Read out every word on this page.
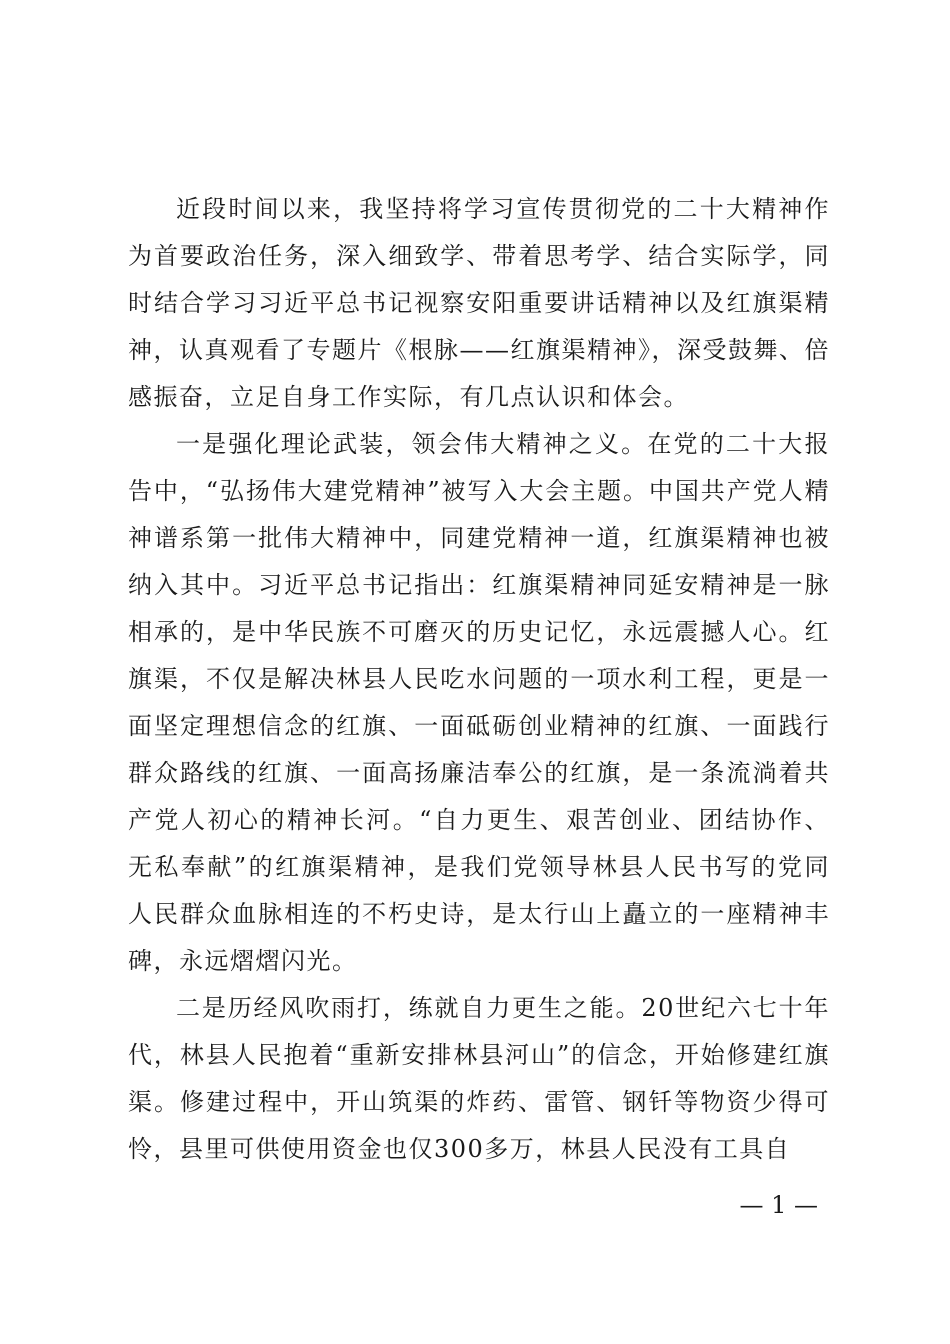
近段时间以来，我坚持将学习宣传贯彻党的二十大精神作为首要政治任务，深入细致学、带着思考学、结合实际学，同时结合学习习近平总书记视察安阳重要讲话精神以及红旗渠精神，认真观看了专题片《根脉——红旗渠精神》，深受鼓舞、倍感振奋，立足自身工作实际，有几点认识和体会。

一是强化理论武装，领会伟大精神之义。在党的二十大报告中，“弘扬伟大建党精神”被写入大会主题。中国共产党人精神谱系第一批伟大精神中，同建党精神一道，红旗渠精神也被纳入其中。习近平总书记指出：红旗渠精神同延安精神是一脉相承的，是中华民族不可磨灭的历史记忆，永远震撼人心。红旗渠，不仅是解决林县人民吃水问题的一项水利工程，更是一面坚定理想信念的红旗、一面砥砺创业精神的红旗、一面践行群众路线的红旗、一面高扬廉洁奉公的红旗，是一条流淌着共产党人初心的精神长河。“自力更生、艰苦创业、团结协作、无私奉献”的红旗渠精神，是我们党领导林县人民书写的党同人民群众血脉相连的不朽史诗，是太行山上矗立的一座精神丰碑，永远熠熠闪光。

二是历经风吹雨打，练就自力更生之能。20世纪六七十年代，林县人民抱着“重新安排林县河山”的信念，开始修建红旗渠。修建过程中，开山筑渠的炸药、雷管、钢钎等物资少得可怜，县里可供使用资金也仅300多万，林县人民没有工具自

— 1 —
